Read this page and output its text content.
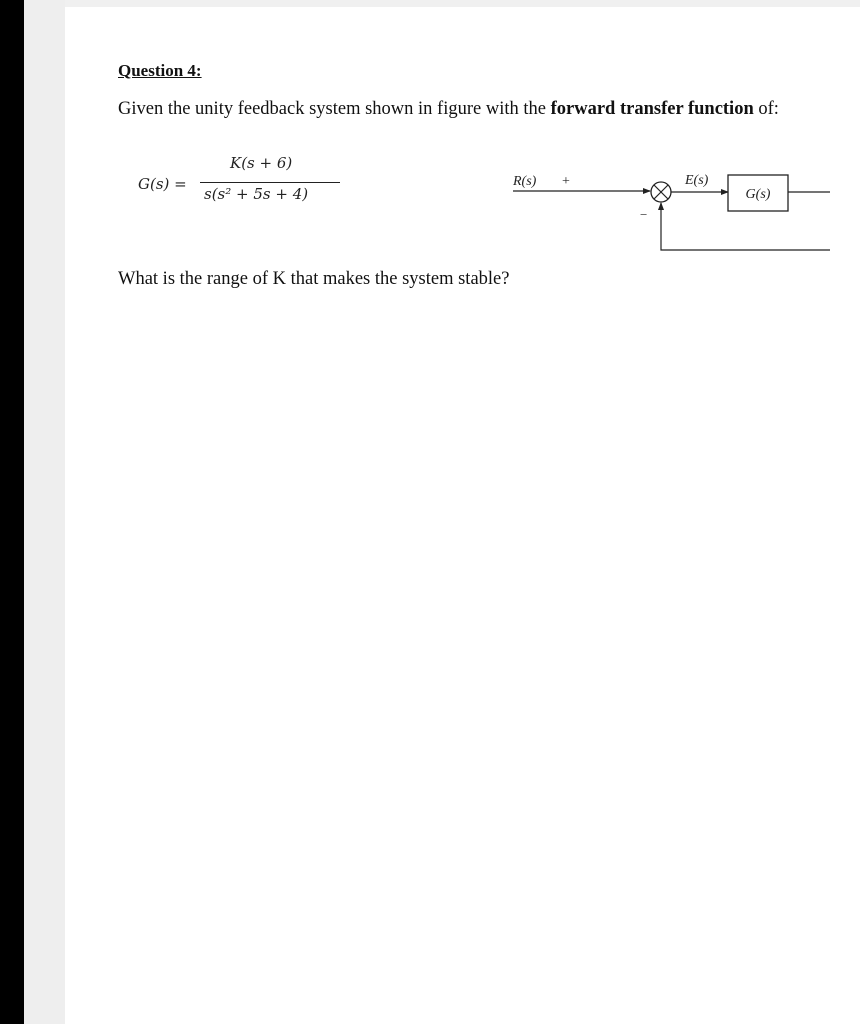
Question 4:
Given the unity feedback system shown in figure with the forward transfer function of:
G(s) =
K(s + 6)
s(s² + 5s + 4)
R(s) +
−
E(s)
G(s)
What is the range of K that makes the system stable?
